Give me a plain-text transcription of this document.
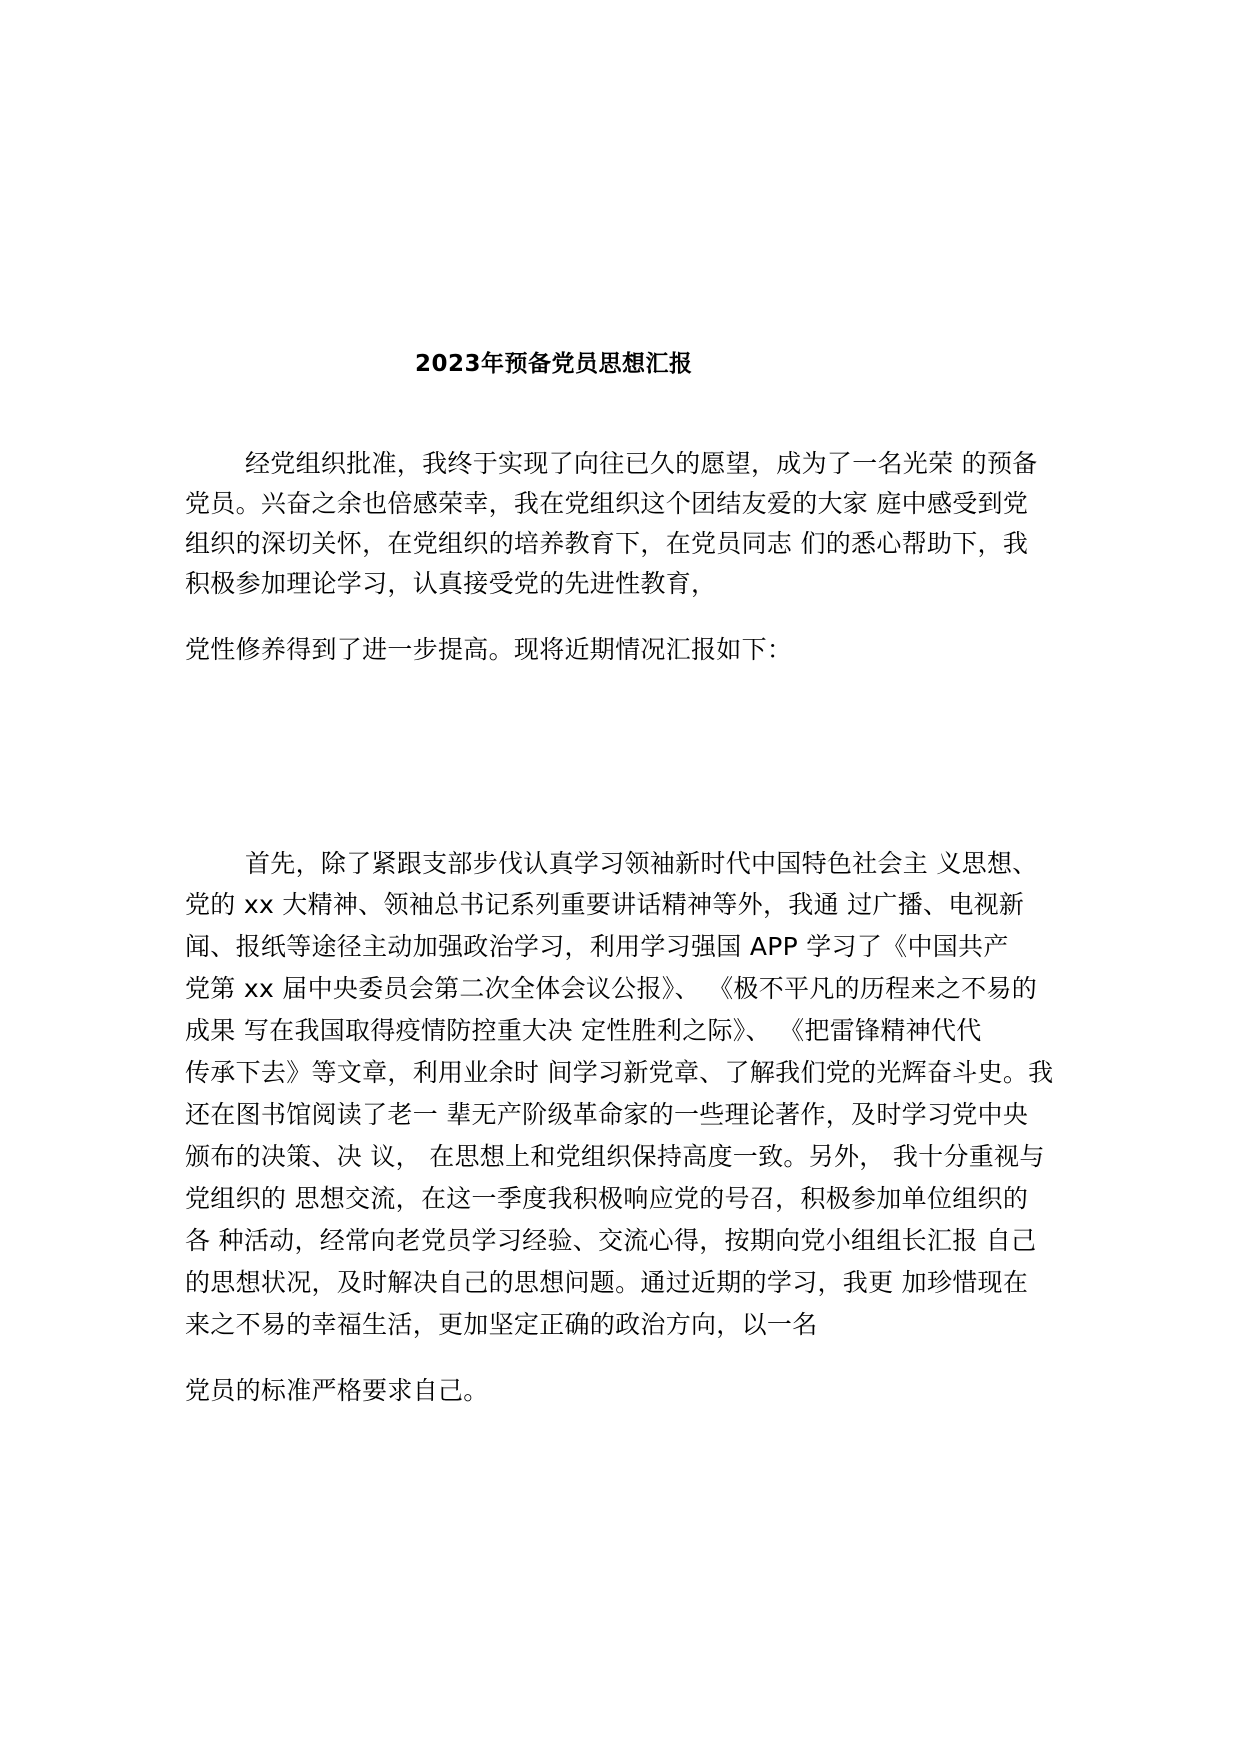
2023年预备党员思想汇报
经党组织批准，我终于实现了向往已久的愿望，成为了一名光荣 的预备
党员。兴奋之余也倍感荣幸，我在党组织这个团结友爱的大家 庭中感受到党
组织的深切关怀，在党组织的培养教育下，在党员同志 们的悉心帮助下，我
积极参加理论学习，认真接受党的先进性教育，
党性修养得到了进一步提高。现将近期情况汇报如下：
首先，除了紧跟支部步伐认真学习领袖新时代中国特色社会主 义思想、
党的 xx 大精神、领袖总书记系列重要讲话精神等外，我通 过广播、电视新
闻、报纸等途径主动加强政治学习，利用学习强国 APP 学习了《中国共产
党第 xx 届中央委员会第二次全体会议公报》、 《极不平凡的历程来之不易的
成果 写在我国取得疫情防控重大决 定性胜利之际》、 《把雷锋精神代代
传承下去》等文章，利用业余时 间学习新党章、了解我们党的光辉奋斗史。我
还在图书馆阅读了老一 辈无产阶级革命家的一些理论著作，及时学习党中央
颁布的决策、决 议， 在思想上和党组织保持高度一致。另外， 我十分重视与
党组织的 思想交流，在这一季度我积极响应党的号召，积极参加单位组织的
各 种活动，经常向老党员学习经验、交流心得，按期向党小组组长汇报 自己
的思想状况，及时解决自己的思想问题。通过近期的学习，我更 加珍惜现在
来之不易的幸福生活，更加坚定正确的政治方向，以一名
党员的标准严格要求自己。
